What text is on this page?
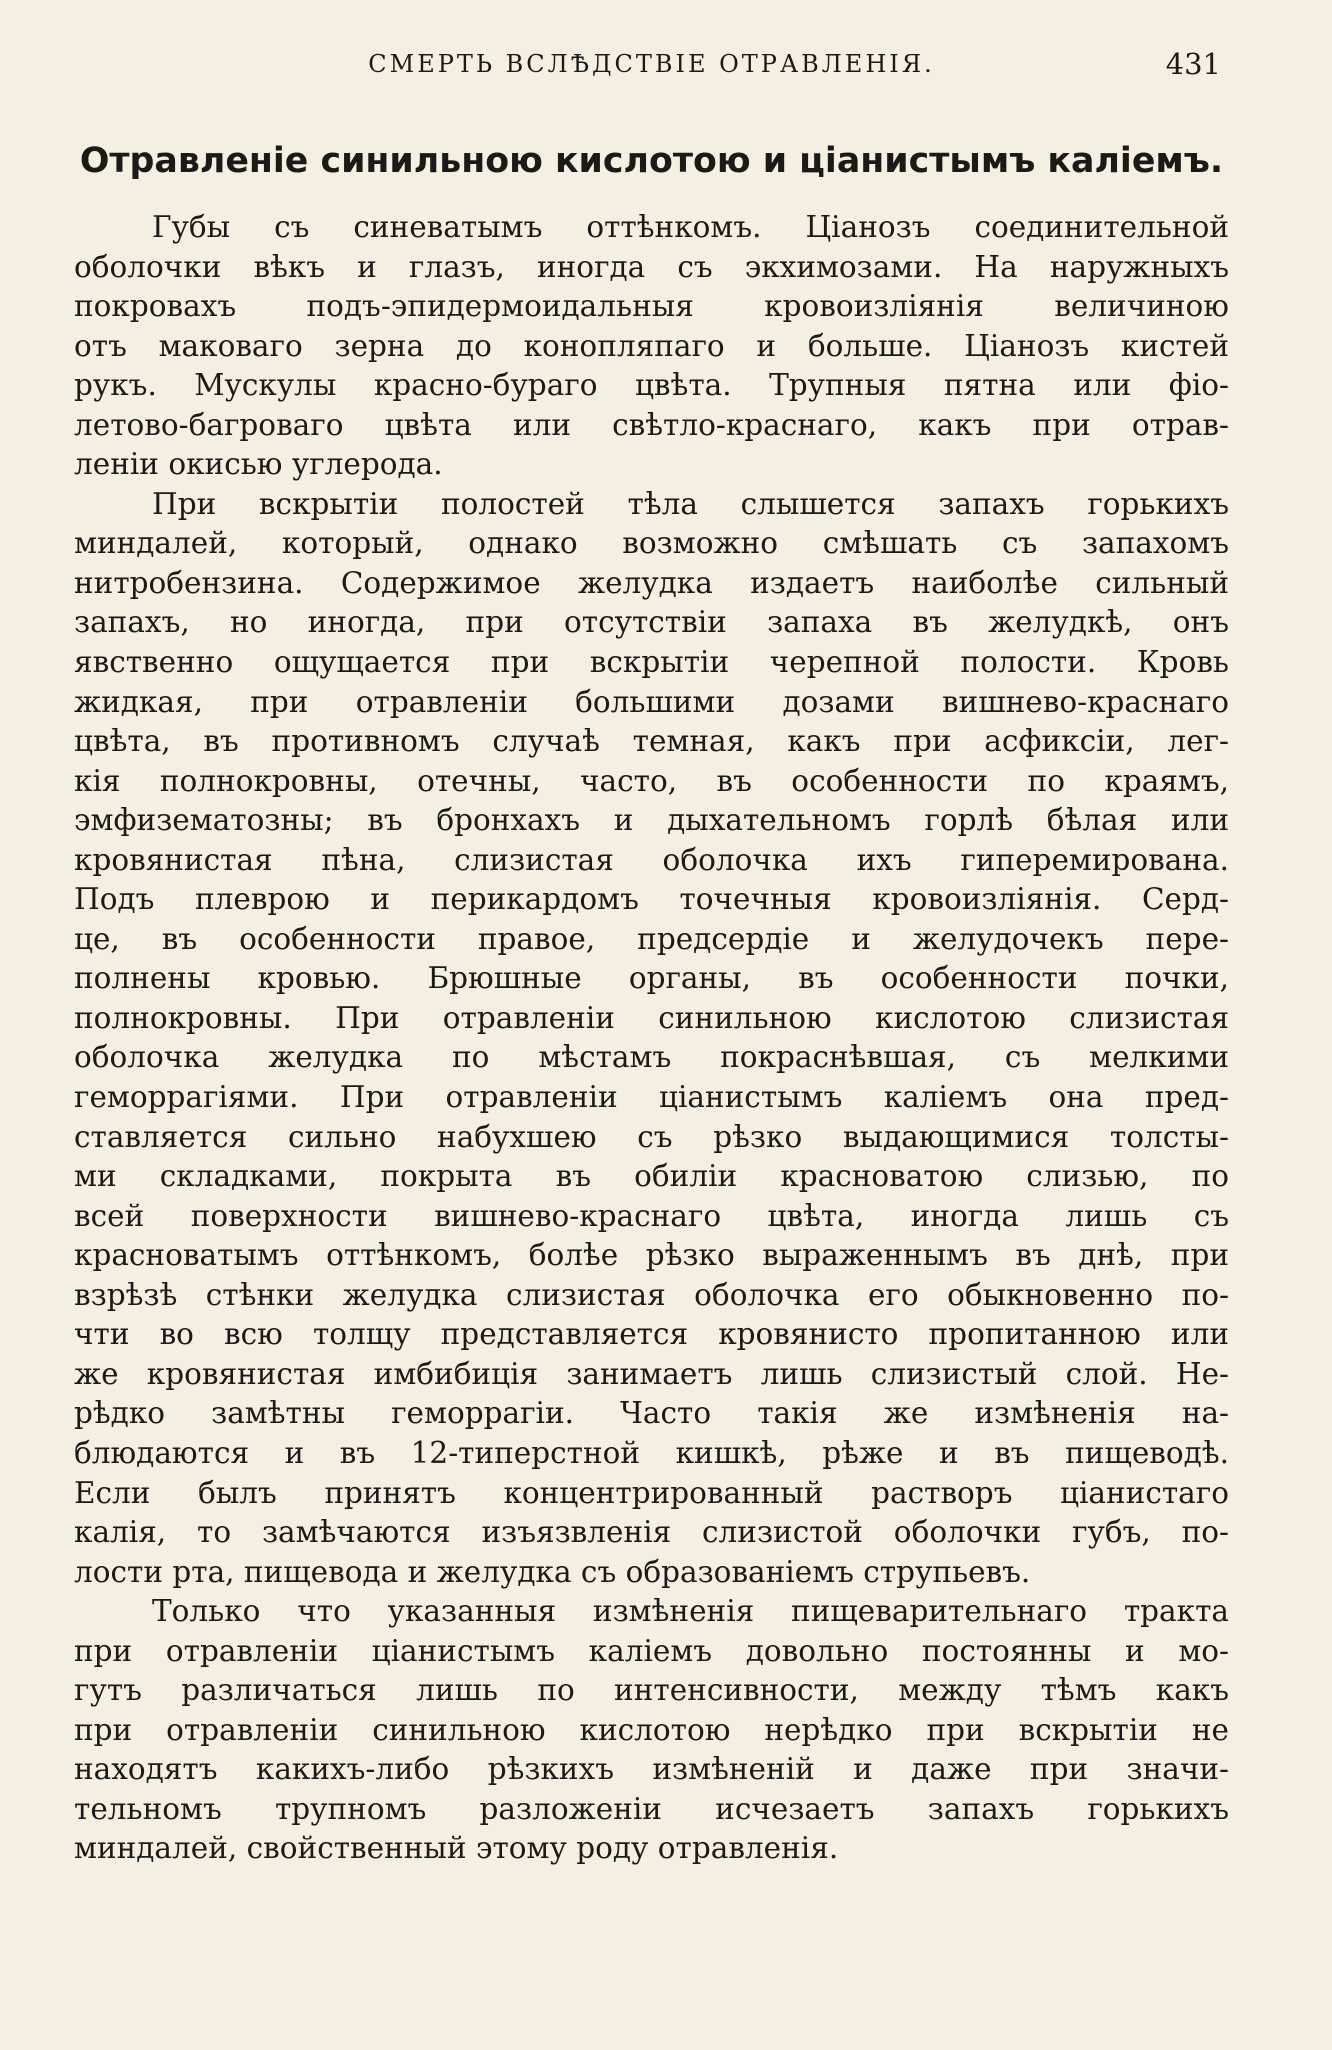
СМЕРТЬ ВСЛѢДСТВІЕ ОТРАВЛЕНІЯ.	431
Отравленіе синильною кислотою и ціанистымъ каліемъ.
Губы съ синеватымъ оттѣнкомъ. Ціанозъ соединительной
оболочки вѣкъ и глазъ, иногда съ экхимозами. На наружныхъ
покровахъ подъ-эпидермоидальныя кровоизліянія величиною
отъ маковаго зерна до конопляпаго и больше. Ціанозъ кистей
рукъ. Мускулы красно-бураго цвѣта. Трупныя пятна или фіо-
летово-багроваго цвѣта или свѣтло-краснаго, какъ при отрав-
леніи окисью углерода.
При вскрытіи полостей тѣла слышется запахъ горькихъ
миндалей, который, однако возможно смѣшать съ запахомъ
нитробензина. Содержимое желудка издаетъ наиболѣе сильный
запахъ, но иногда, при отсутствіи запаха въ желудкѣ, онъ
явственно ощущается при вскрытіи черепной полости. Кровь
жидкая, при отравленіи большими дозами вишнево-краснаго
цвѣта, въ противномъ случаѣ темная, какъ при асфиксіи, лег-
кія полнокровны, отечны, часто, въ особенности по краямъ,
эмфизематозны; въ бронхахъ и дыхательномъ горлѣ бѣлая или
кровянистая пѣна, слизистая оболочка ихъ гиперемирована.
Подъ плеврою и перикардомъ точечныя кровоизліянія. Серд-
це, въ особенности правое, предсердіе и желудочекъ пере-
полнены кровью. Брюшные органы, въ особенности почки,
полнокровны. При отравленіи синильною кислотою слизистая
оболочка желудка по мѣстамъ покраснѣвшая, съ мелкими
геморрагіями. При отравленіи ціанистымъ каліемъ она пред-
ставляется сильно набухшею съ рѣзко выдающимися толсты-
ми складками, покрыта въ обиліи красноватою слизью, по
всей поверхности вишнево-краснаго цвѣта, иногда лишь съ
красноватымъ оттѣнкомъ, болѣе рѣзко выраженнымъ въ днѣ, при
взрѣзѣ стѣнки желудка слизистая оболочка его обыкновенно по-
чти во всю толщу представляется кровянисто пропитанною или
же кровянистая имбибиція занимаетъ лишь слизистый слой. Не-
рѣдко замѣтны геморрагіи. Часто такія же измѣненія на-
блюдаются и въ 12-типерстной кишкѣ, рѣже и въ пищеводѣ.
Если былъ принятъ концентрированный растворъ ціанистаго
калія, то замѣчаются изъязвленія слизистой оболочки губъ, по-
лости рта, пищевода и желудка съ образованіемъ струпьевъ.
Только что указанныя измѣненія пищеварительнаго тракта
при отравленіи ціанистымъ каліемъ довольно постоянны и мо-
гутъ различаться лишь по интенсивности, между тѣмъ какъ
при отравленіи синильною кислотою нерѣдко при вскрытіи не
находятъ какихъ-либо рѣзкихъ измѣненій и даже при значи-
тельномъ трупномъ разложеніи исчезаетъ запахъ горькихъ
миндалей, свойственный этому роду отравленія.
